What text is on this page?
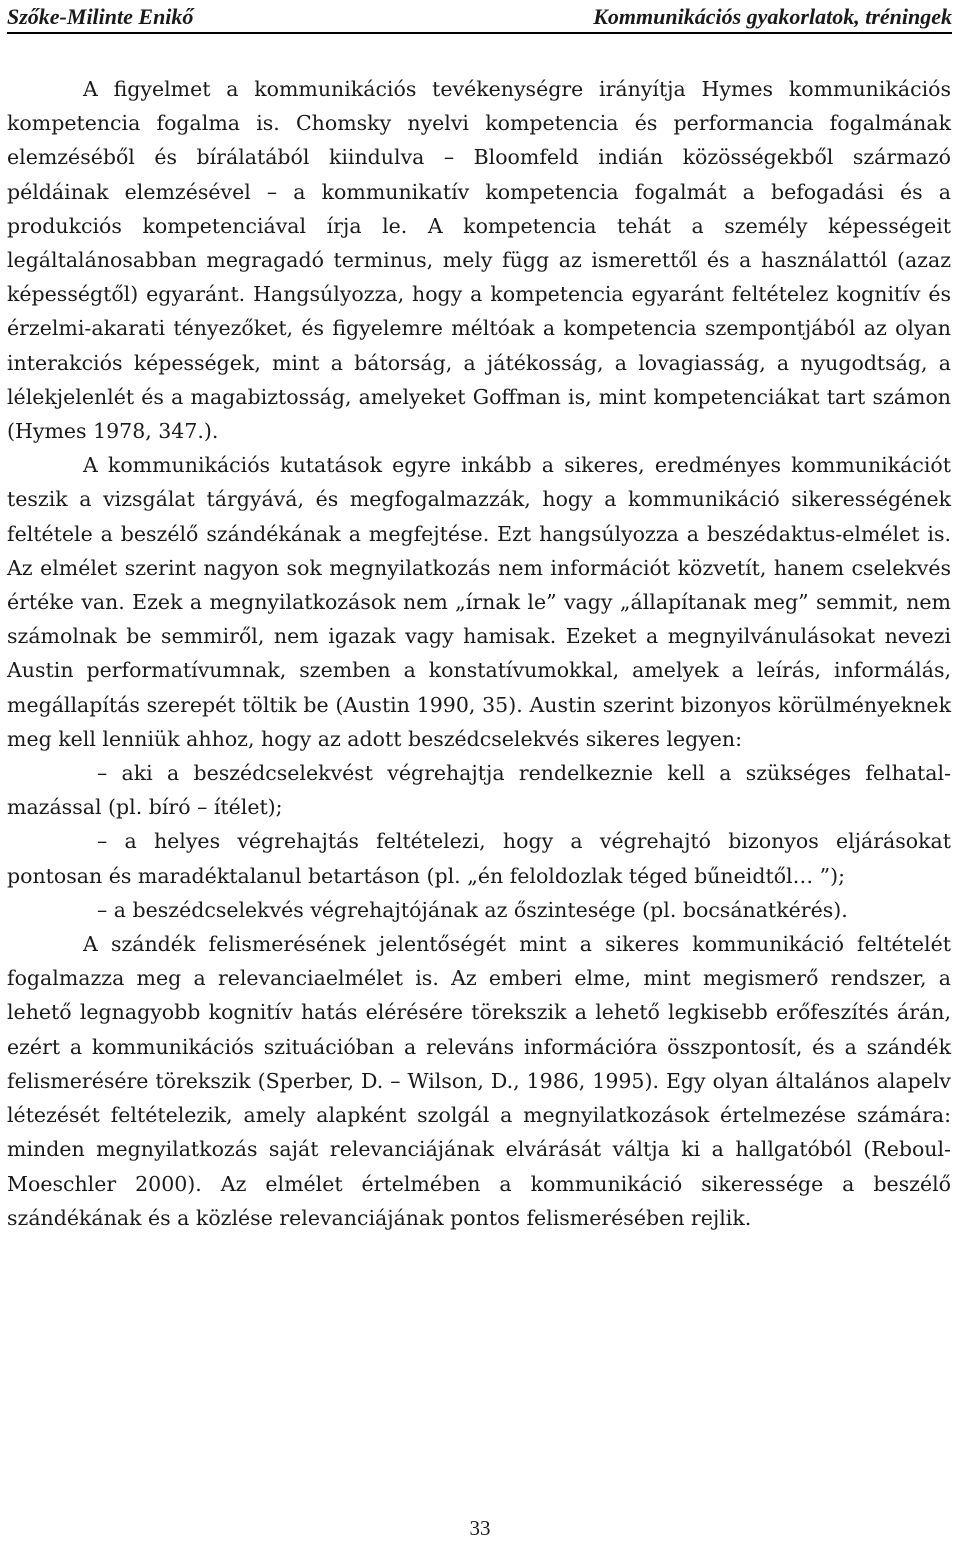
Szőke-Milinte Enikő	Kommunikációs gyakorlatok, tréningek

A figyelmet a kommunikációs tevékenységre irányítja Hymes kommunikációs kompetencia fogalma is. Chomsky nyelvi kompetencia és performancia fogalmának elemzéséből és bírálatából kiindulva – Bloomfeld indián közösségekből származó példáinak elemzésével – a kommunikatív kompetencia fogalmát a befogadási és a produkciós kompetenciával írja le. A kompetencia tehát a személy képességeit legáltalánosabban megragadó terminus, mely függ az ismerettől és a használattól (azaz képességtől) egyaránt. Hangsúlyozza, hogy a kompetencia egyaránt feltételez kognitív és érzelmi-akarati tényezőket, és figyelemre méltóak a kompetencia szempontjából az olyan interakciós képességek, mint a bátorság, a játékosság, a lovagiasság, a nyugodtság, a lélekjelenlét és a magabiztosság, amelyeket Goffman is, mint kompetenciákat tart számon (Hymes 1978, 347.).

A kommunikációs kutatások egyre inkább a sikeres, eredményes kommunikációt teszik a vizsgálat tárgyává, és megfogalmazzák, hogy a kommunikáció sikerességének feltétele a beszélő szándékának a megfejtése. Ezt hangsúlyozza a beszédaktus-elmélet is. Az elmélet szerint nagyon sok megnyilatkozás nem információt közvetít, hanem cselekvés értéke van. Ezek a megnyilatkozások nem „írnak le” vagy „állapítanak meg” semmit, nem számolnak be semmiről, nem igazak vagy hamisak. Ezeket a megnyilvánulásokat nevezi Austin performatívumnak, szemben a konstatívumokkal, amelyek a leírás, informálás, megállapítás szerepét töltik be (Austin 1990, 35). Austin szerint bizonyos körülményeknek meg kell lenniük ahhoz, hogy az adott beszédcselekvés sikeres legyen:

– aki a beszédcselekvést végrehajtja rendelkeznie kell a szükséges felhatalmazással (pl. bíró – ítélet);

– a helyes végrehajtás feltételezi, hogy a végrehajtó bizonyos eljárásokat pontosan és maradéktalanul betartáson (pl. „én feloldozlak téged bűneidtől… ”);

– a beszédcselekvés végrehajtójának az őszintesége (pl. bocsánatkérés).

A szándék felismerésének jelentőségét mint a sikeres kommunikáció feltételét fogalmazza meg a relevanciaelmélet is. Az emberi elme, mint megismerő rendszer, a lehető legnagyobb kognitív hatás elérésére törekszik a lehető legkisebb erőfeszítés árán, ezért a kommunikációs szituációban a releváns információra összpontosít, és a szándék felismerésére törekszik (Sperber, D. – Wilson, D., 1986, 1995). Egy olyan általános alapelv létezését feltételezik, amely alapként szolgál a megnyilatkozások értelmezése számára: minden megnyilatkozás saját relevanciájának elvárását váltja ki a hallgatóból (Reboul-Moeschler 2000). Az elmélet értelmében a kommunikáció sikeressége a beszélő szándékának és a közlése relevanciájának pontos felismerésében rejlik.

33
